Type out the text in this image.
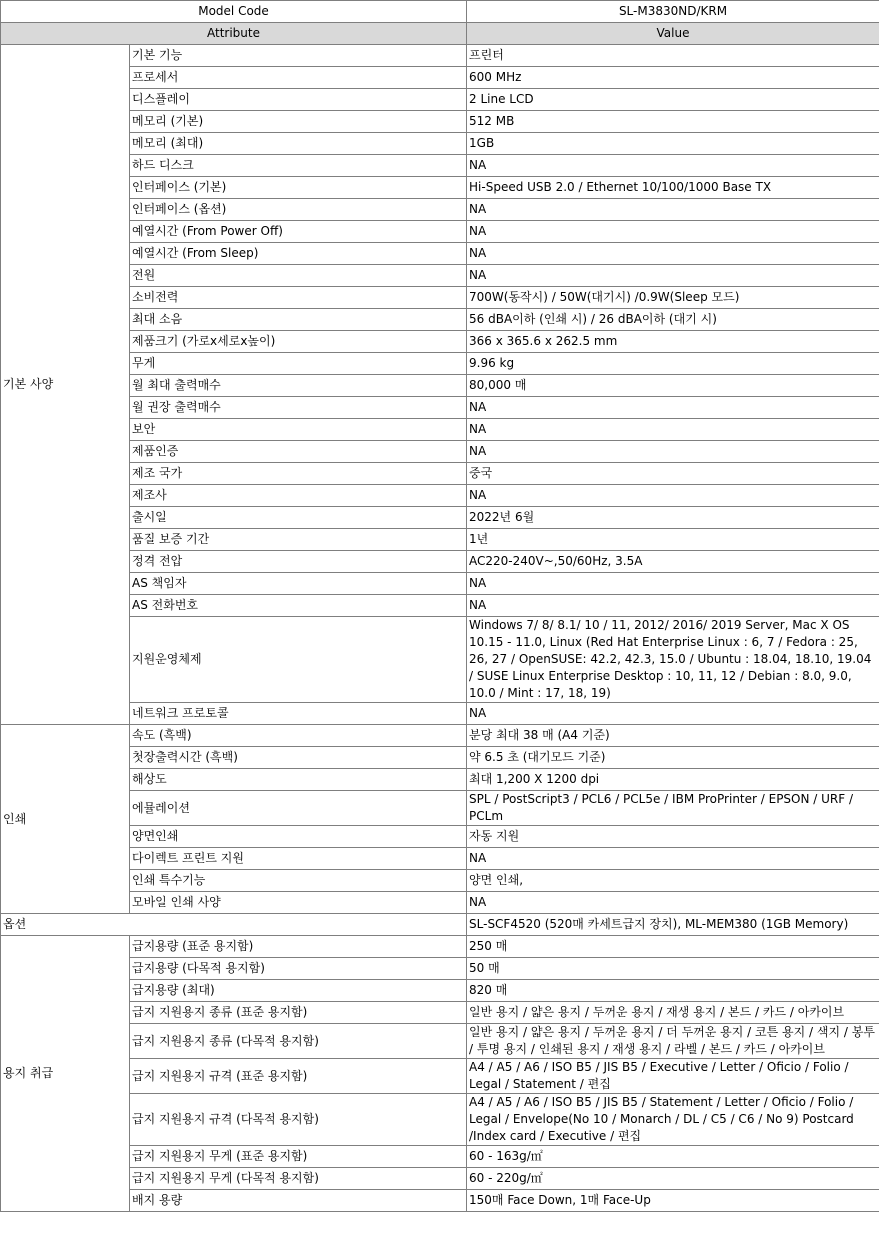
Model Code		SL-M3830ND/KRM
Attribute		Value
기본 사양	기본 기능	프린터
	프로세서	600 MHz
	디스플레이	2 Line LCD
	메모리 (기본)	512 MB
	메모리 (최대)	1GB
	하드 디스크	NA
	인터페이스 (기본)	Hi-Speed USB 2.0 / Ethernet 10/100/1000 Base TX
	인터페이스 (옵션)	NA
	예열시간 (From Power Off)	NA
	예열시간 (From Sleep)	NA
	전원	NA
	소비전력	700W(동작시) / 50W(대기시) /0.9W(Sleep 모드)
	최대 소음	56 dBA이하 (인쇄 시) / 26 dBA이하 (대기 시)
	제품크기 (가로x세로x높이)	366 x 365.6 x 262.5 mm
	무게	9.96 kg
	월 최대 출력매수	80,000 매
	월 권장 출력매수	NA
	보안	NA
	제품인증	NA
	제조 국가	중국
	제조사	NA
	출시일	2022년 6월
	품질 보증 기간	1년
	정격 전압	AC220-240V~,50/60Hz, 3.5A
	AS 책임자	NA
	AS 전화번호	NA
	지원운영체제	Windows 7/ 8/ 8.1/ 10 / 11, 2012/ 2016/ 2019 Server, Mac X OS 10.15 - 11.0, Linux (Red Hat Enterprise Linux : 6, 7 / Fedora : 25, 26, 27 / OpenSUSE: 42.2, 42.3, 15.0 / Ubuntu : 18.04, 18.10, 19.04 / SUSE Linux Enterprise Desktop : 10, 11, 12 / Debian : 8.0, 9.0, 10.0 / Mint : 17, 18, 19)
	네트워크 프로토콜	NA
인쇄	속도 (흑백)	분당 최대 38 매 (A4 기준)
	첫장출력시간 (흑백)	약 6.5 초 (대기모드 기준)
	해상도	최대 1,200 X 1200 dpi
	에뮬레이션	SPL / PostScript3 / PCL6 / PCL5e / IBM ProPrinter / EPSON / URF / PCLm
	양면인쇄	자동 지원
	다이렉트 프린트 지원	NA
	인쇄 특수기능	양면 인쇄,
	모바일 인쇄 사양	NA
옵션		SL-SCF4520 (520매 카세트급지 장치), ML-MEM380 (1GB Memory)
용지 취급	급지용량 (표준 용지함)	250 매
	급지용량 (다목적 용지함)	50 매
	급지용량 (최대)	820 매
	급지 지원용지 종류 (표준 용지함)	일반 용지 / 얇은 용지 / 두꺼운 용지 / 재생 용지 / 본드 / 카드 / 아카이브
	급지 지원용지 종류 (다목적 용지함)	일반 용지 / 얇은 용지 / 두꺼운 용지 / 더 두꺼운 용지 / 코튼 용지 / 색지 / 봉투 / 투명 용지 / 인쇄된 용지 / 재생 용지 / 라벨 / 본드 / 카드 / 아카이브
	급지 지원용지 규격 (표준 용지함)	A4 / A5 / A6 / ISO B5 / JIS B5 / Executive / Letter / Oficio / Folio / Legal / Statement / 편집
	급지 지원용지 규격 (다목적 용지함)	A4 / A5 / A6 / ISO B5 / JIS B5 / Statement / Letter / Oficio / Folio / Legal / Envelope(No 10 / Monarch / DL / C5 / C6 / No 9) Postcard /Index card / Executive / 편집
	급지 지원용지 무게 (표준 용지함)	60 - 163g/㎡
	급지 지원용지 무게 (다목적 용지함)	60 - 220g/㎡
	배지 용량	150매 Face Down, 1매 Face-Up
